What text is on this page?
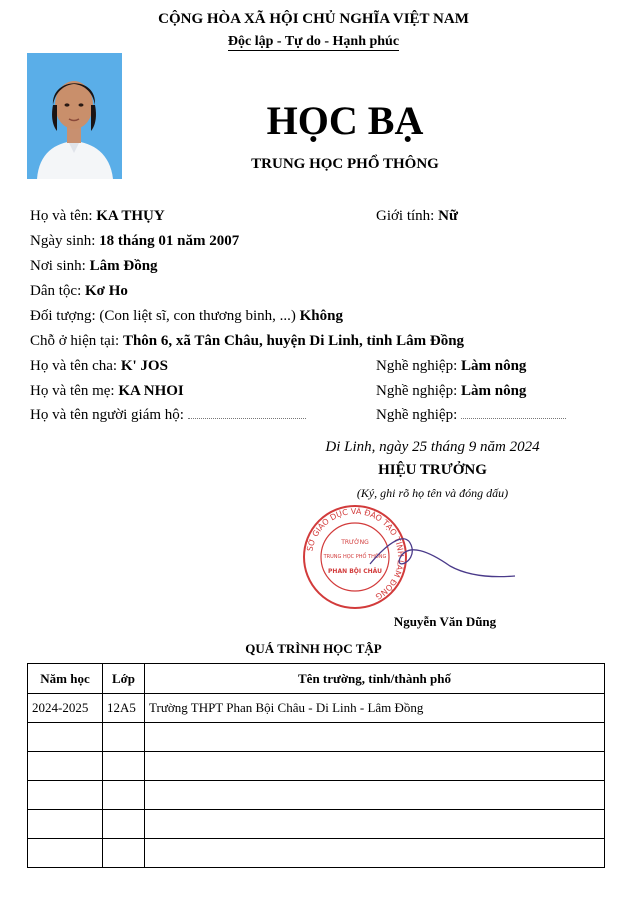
CỘNG HÒA XÃ HỘI CHỦ NGHĨA VIỆT NAM
Độc lập - Tự do - Hạnh phúc
HỌC BẠ
TRUNG HỌC PHỔ THÔNG
Họ và tên: KA THỤY	Giới tính: Nữ
Ngày sinh: 18 tháng 01 năm 2007
Nơi sinh: Lâm Đồng
Dân tộc: Kơ Ho
Đối tượng: (Con liệt sĩ, con thương binh, ...) Không
Chỗ ở hiện tại: Thôn 6, xã Tân Châu, huyện Di Linh, tỉnh Lâm Đồng
Họ và tên cha: K' JOS	Nghề nghiệp: Làm nông
Họ và tên mẹ: KA NHOI	Nghề nghiệp: Làm nông
Họ và tên người giám hộ:	Nghề nghiệp:
Di Linh, ngày 25 tháng 9 năm 2024
HIỆU TRƯỞNG
(Ký, ghi rõ họ tên và đóng dấu)
SỞ GIÁO DỤC VÀ ĐÀO TẠO TỈNH LÂM ĐỒNG
TRƯỜNG
TRUNG HỌC PHỔ THÔNG
PHAN BỘI CHÂU
Nguyễn Văn Dũng
QUÁ TRÌNH HỌC TẬP
Năm học	Lớp	Tên trường, tỉnh/thành phố
2024-2025	12A5	Trường THPT Phan Bội Châu - Di Linh - Lâm Đồng
